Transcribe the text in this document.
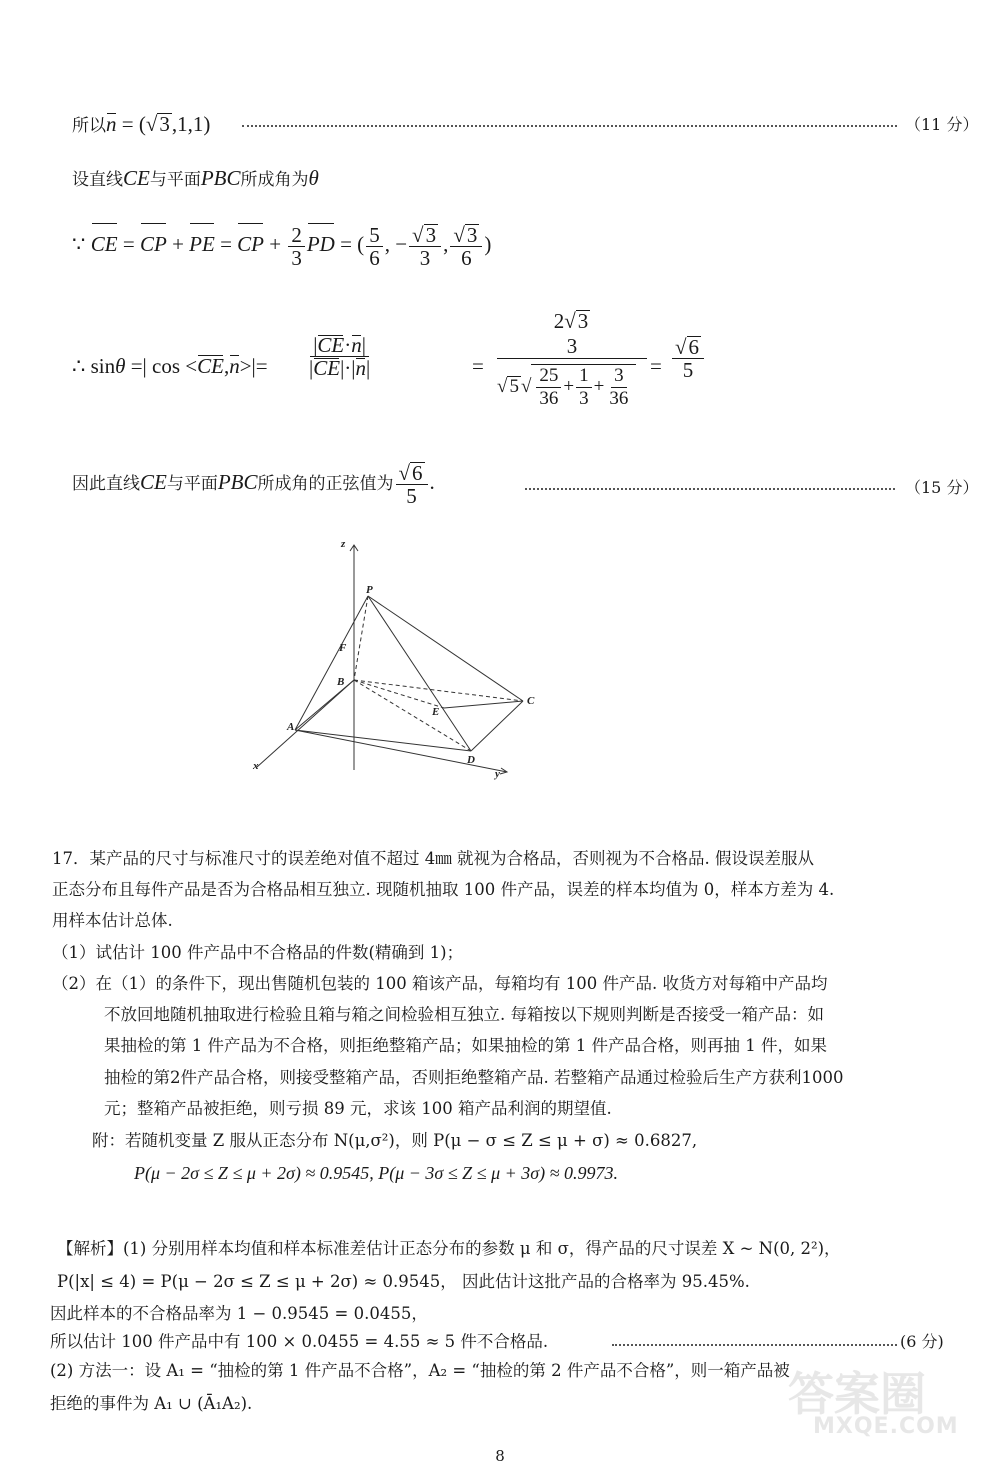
所以n = (√3,1,1)	（11 分）
设直线CE与平面PBC所成角为θ
∵ CE = CP + PE = CP + $\frac{2}{3}$ PD = ( $\frac{5}{6}$ , − $\frac{√3}{3}$ , $\frac{√3}{6}$ )
∴ sinθ =| $\cos <CE,n>|= \frac{|CE\cdot n|}{|CE|\cdot|n|}$	=
2√3
3
√ 5 √ $\frac{25}{36} + \frac{1}{3} + \frac{3}{36} = \frac{√6}{5}$
因此直线CE与平面PBC所成角的正弦值为 $\frac{√6}{5}$ .	（15 分）
z
P
F
B
A
E
C
D
x
y
17．某产品的尺寸与标准尺寸的误差绝对值不超过 4㎜ 就视为合格品，否则视为不合格品. 假设误差服从
正态分布且每件产品是否为合格品相互独立. 现随机抽取 100 件产品，误差的样本均值为 0，样本方差为 4.
用样本估计总体.
（1）试估计 100 件产品中不合格品的件数(精确到 1)；
（2）在（1）的条件下，现出售随机包装的 100 箱该产品，每箱均有 100 件产品. 收货方对每箱中产品均
不放回地随机抽取进行检验且箱与箱之间检验相互独立. 每箱按以下规则判断是否接受一箱产品：如
果抽检的第 1 件产品为不合格，则拒绝整箱产品；如果抽检的第 1 件产品合格，则再抽 1 件，如果
抽检的第2件产品合格，则接受整箱产品，否则拒绝整箱产品. 若整箱产品通过检验后生产方获利1000
元；整箱产品被拒绝，则亏损 89 元，求该 100 箱产品利润的期望值.
附：若随机变量 Z 服从正态分布 N(μ,σ²)，则 P(μ − σ ≤ Z ≤ μ + σ) ≈ 0.6827,
P(μ − 2σ ≤ Z ≤ μ + 2σ) ≈ 0.9545, P(μ − 3σ ≤ Z ≤ μ + 3σ) ≈ 0.9973.
【解析】(1) 分别用样本均值和样本标准差估计正态分布的参数 μ 和 σ，得产品的尺寸误差 X ~ N(0, 2²)，
P(|x| ≤ 4) = P(μ − 2σ ≤ Z ≤ μ + 2σ) ≈ 0.9545， 因此估计这批产品的合格率为 95.45%.
因此样本的不合格品率为 1 − 0.9545 = 0.0455，
所以估计 100 件产品中有 100 × 0.0455 = 4.55 ≈ 5 件不合格品.	(6 分)
(2) 方法一：设 A₁ = “抽检的第 1 件产品不合格”，A₂ = “抽检的第 2 件产品不合格”，则一箱产品被
拒绝的事件为 A₁ ∪ (Ā₁A₂).	答案圈
MXQE.COM
8
